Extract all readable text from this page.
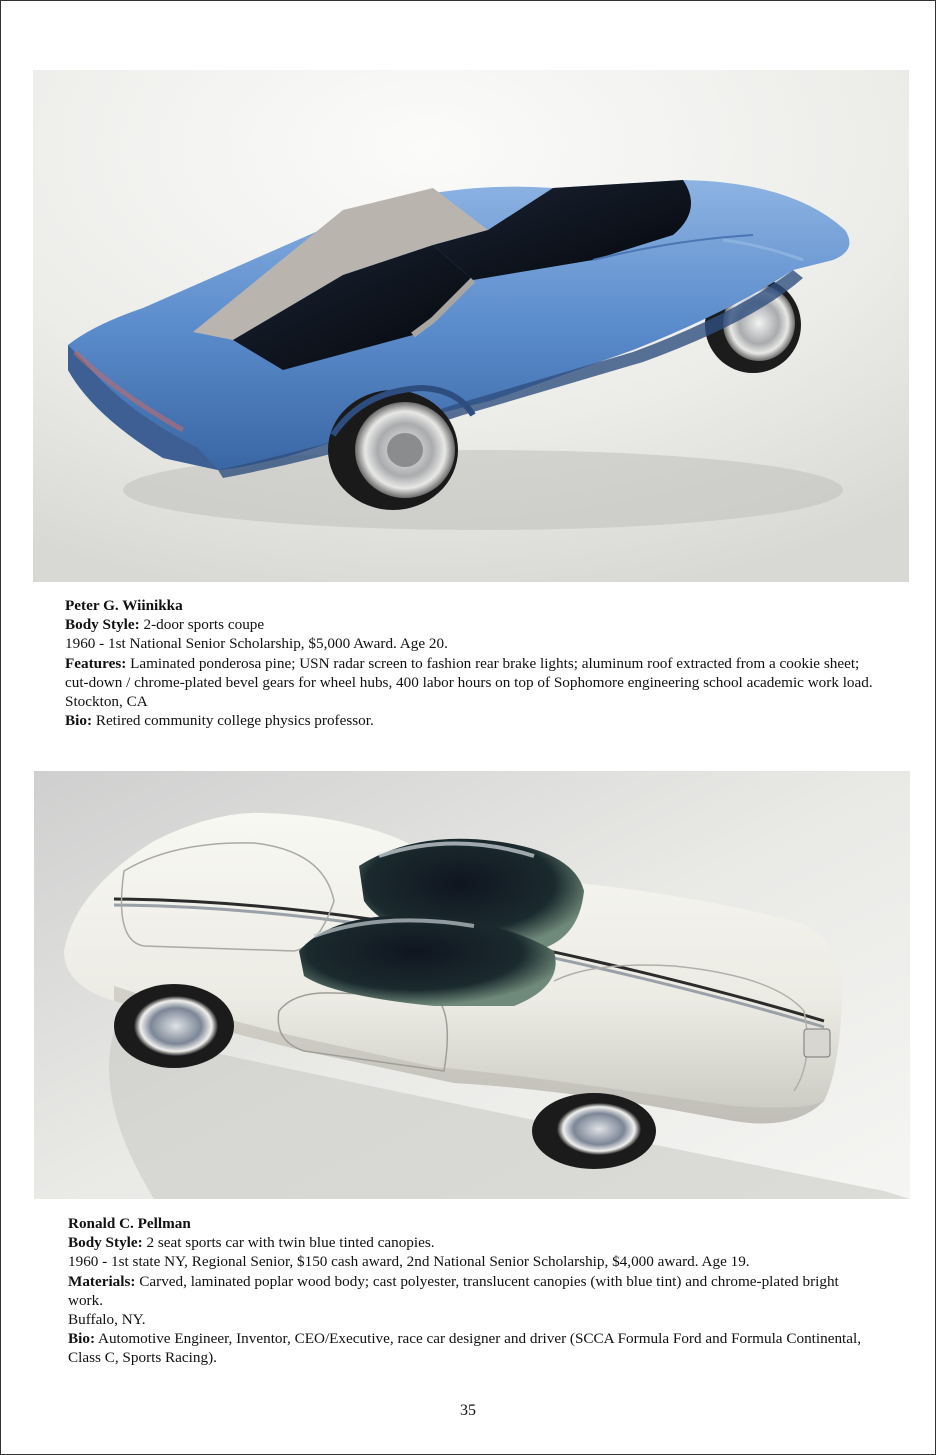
Peter G. Wiinikka

Body Style: 2-door sports coupe

1960 - 1st National Senior Scholarship, $5,000 Award. Age 20.

Features: Laminated ponderosa pine; USN radar screen to fashion rear brake lights; aluminum roof extracted from a cookie sheet; cut-down / chrome-plated bevel gears for wheel hubs, 400 labor hours on top of Sophomore engineering school academic work load.

Stockton, CA

Bio: Retired community college physics professor.

Ronald C. Pellman

Body Style: 2 seat sports car with twin blue tinted canopies.

1960 - 1st state NY, Regional Senior, $150 cash award, 2nd National Senior Scholarship, $4,000 award. Age 19.

Materials: Carved, laminated poplar wood body; cast polyester, translucent canopies (with blue tint) and chrome-plated bright work.

Buffalo, NY.

Bio: Automotive Engineer, Inventor, CEO/Executive, race car designer and driver (SCCA Formula Ford and Formula Continental, Class C, Sports Racing).

35
